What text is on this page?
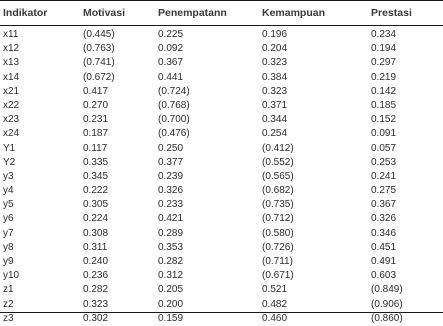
Indikator	Motivasi	Penempatann	Kemampuan	Prestasi
x11	(0.445)	0.225	0.196	0.234
x12	(0.763)	0.092	0.204	0.194
x13	(0.741)	0.367	0.323	0.297
x14	(0.672)	0.441	0.384	0.219
x21	0.417	(0.724)	0.323	0.142
x22	0.270	(0.768)	0.371	0.185
x23	0.231	(0.700)	0.344	0.152
x24	0.187	(0.476)	0.254	0.091
Y1	0.117	0.250	(0.412)	0.057
Y2	0.335	0.377	(0.552)	0.253
y3	0.345	0.239	(0.565)	0.241
y4	0.222	0.326	(0.682)	0.275
y5	0.305	0.233	(0.735)	0.367
y6	0.224	0.421	(0.712)	0.326
y7	0.308	0.289	(0.580)	0.346
y8	0.311	0.353	(0.726)	0.451
y9	0.240	0.282	(0.711)	0.491
y10	0.236	0.312	(0.671)	0.603
z1	0.282	0.205	0.521	(0.849)
z2	0.323	0.200	0.482	(0.906)
z3	0.302	0.159	0.460	(0.860)
